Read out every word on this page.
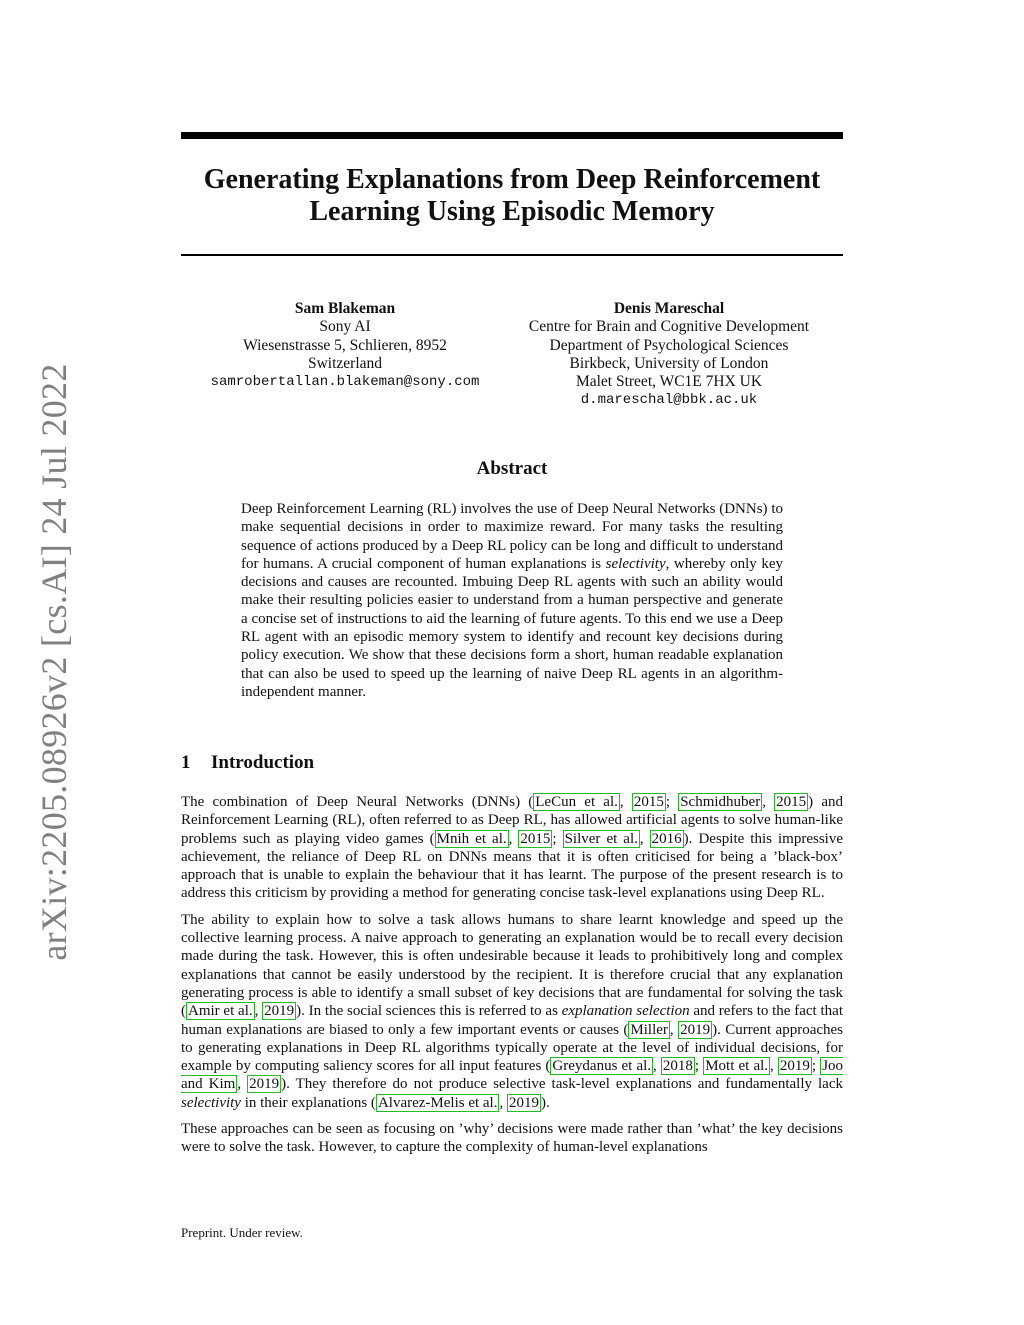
arXiv:2205.08926v2 [cs.AI] 24 Jul 2022
Generating Explanations from Deep Reinforcement Learning Using Episodic Memory
Sam Blakeman
Sony AI
Wiesenstrasse 5, Schlieren, 8952
Switzerland
samrobertallan.blakeman@sony.com
Denis Mareschal
Centre for Brain and Cognitive Development
Department of Psychological Sciences
Birkbeck, University of London
Malet Street, WC1E 7HX UK
d.mareschal@bbk.ac.uk
Abstract
Deep Reinforcement Learning (RL) involves the use of Deep Neural Networks (DNNs) to make sequential decisions in order to maximize reward. For many tasks the resulting sequence of actions produced by a Deep RL policy can be long and difficult to understand for humans. A crucial component of human explanations is selectivity, whereby only key decisions and causes are recounted. Imbuing Deep RL agents with such an ability would make their resulting policies easier to understand from a human perspective and generate a concise set of instructions to aid the learning of future agents. To this end we use a Deep RL agent with an episodic memory system to identify and recount key decisions during policy execution. We show that these decisions form a short, human readable explanation that can also be used to speed up the learning of naive Deep RL agents in an algorithm-independent manner.
1 Introduction

The combination of Deep Neural Networks (DNNs) ( LeCun et al. , 2015 ; Schmidhuber , 2015 ) and Reinforcement Learning (RL), often referred to as Deep RL, has allowed artificial agents to solve human-like problems such as playing video games ( Mnih et al. , 2015 ; Silver et al. , 2016 ). Despite this impressive achievement, the reliance of Deep RL on DNNs means that it is often criticised for being a ’black-box’ approach that is unable to explain the behaviour that it has learnt. The purpose of the present research is to address this criticism by providing a method for generating concise task-level explanations using Deep RL.

The ability to explain how to solve a task allows humans to share learnt knowledge and speed up the collective learning process. A naive approach to generating an explanation would be to recall every decision made during the task. However, this is often undesirable because it leads to prohibitively long and complex explanations that cannot be easily understood by the recipient. It is therefore crucial that any explanation generating process is able to identify a small subset of key decisions that are fundamental for solving the task ( Amir et al. , 2019 ). In the social sciences this is referred to as explanation selection and refers to the fact that human explanations are biased to only a few important events or causes ( Miller , 2019 ). Current approaches to generating explanations in Deep RL algorithms typically operate at the level of individual decisions, for example by computing saliency scores for all input features ( Greydanus et al. , 2018 ; Mott et al. , 2019 ; Joo and Kim , 2019 ). They therefore do not produce selective task-level explanations and fundamentally lack selectivity in their explanations ( Alvarez-Melis et al. , 2019 ).

These approaches can be seen as focusing on ’why’ decisions were made rather than ’what’ the key decisions were to solve the task. However, to capture the complexity of human-level explanations

Preprint. Under review.
